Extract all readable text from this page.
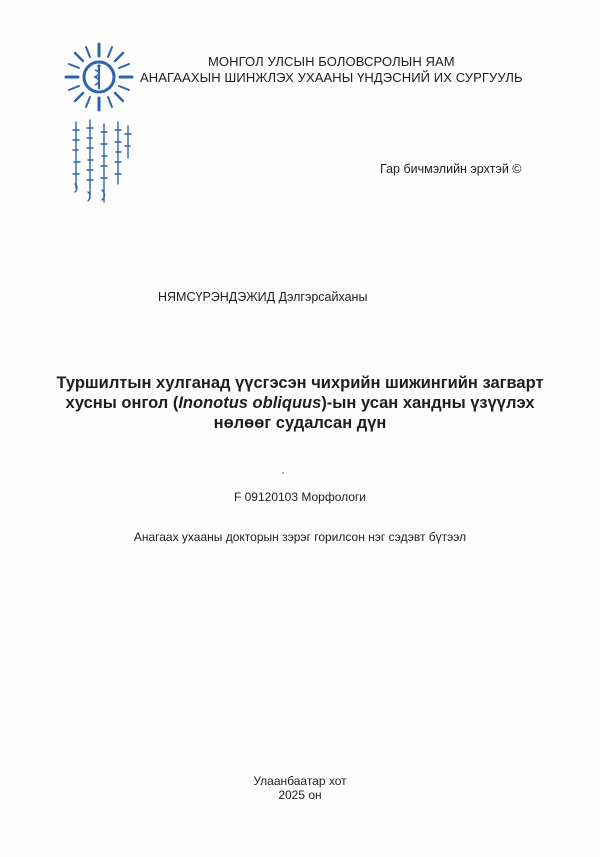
МОНГОЛ УЛСЫН БОЛОВСРОЛЫН ЯАМ
АНАГААХЫН ШИНЖЛЭХ УХААНЫ ҮНДЭСНИЙ ИХ СУРГУУЛЬ
Гар бичмэлийн эрхтэй ©
НЯМСҮРЭНДЭЖИД Дэлгэрсайханы
Туршилтын хулганад үүсгэсэн чихрийн шижингийн загварт хусны онгол (Inonotus obliquus)-ын усан хандны үзүүлэх нөлөөг судалсан дүн
F 09120103 Морфологи
Анагаах ухааны докторын зэрэг горилсон нэг сэдэвт бүтээл
Улаанбаатар хот
2025 он
